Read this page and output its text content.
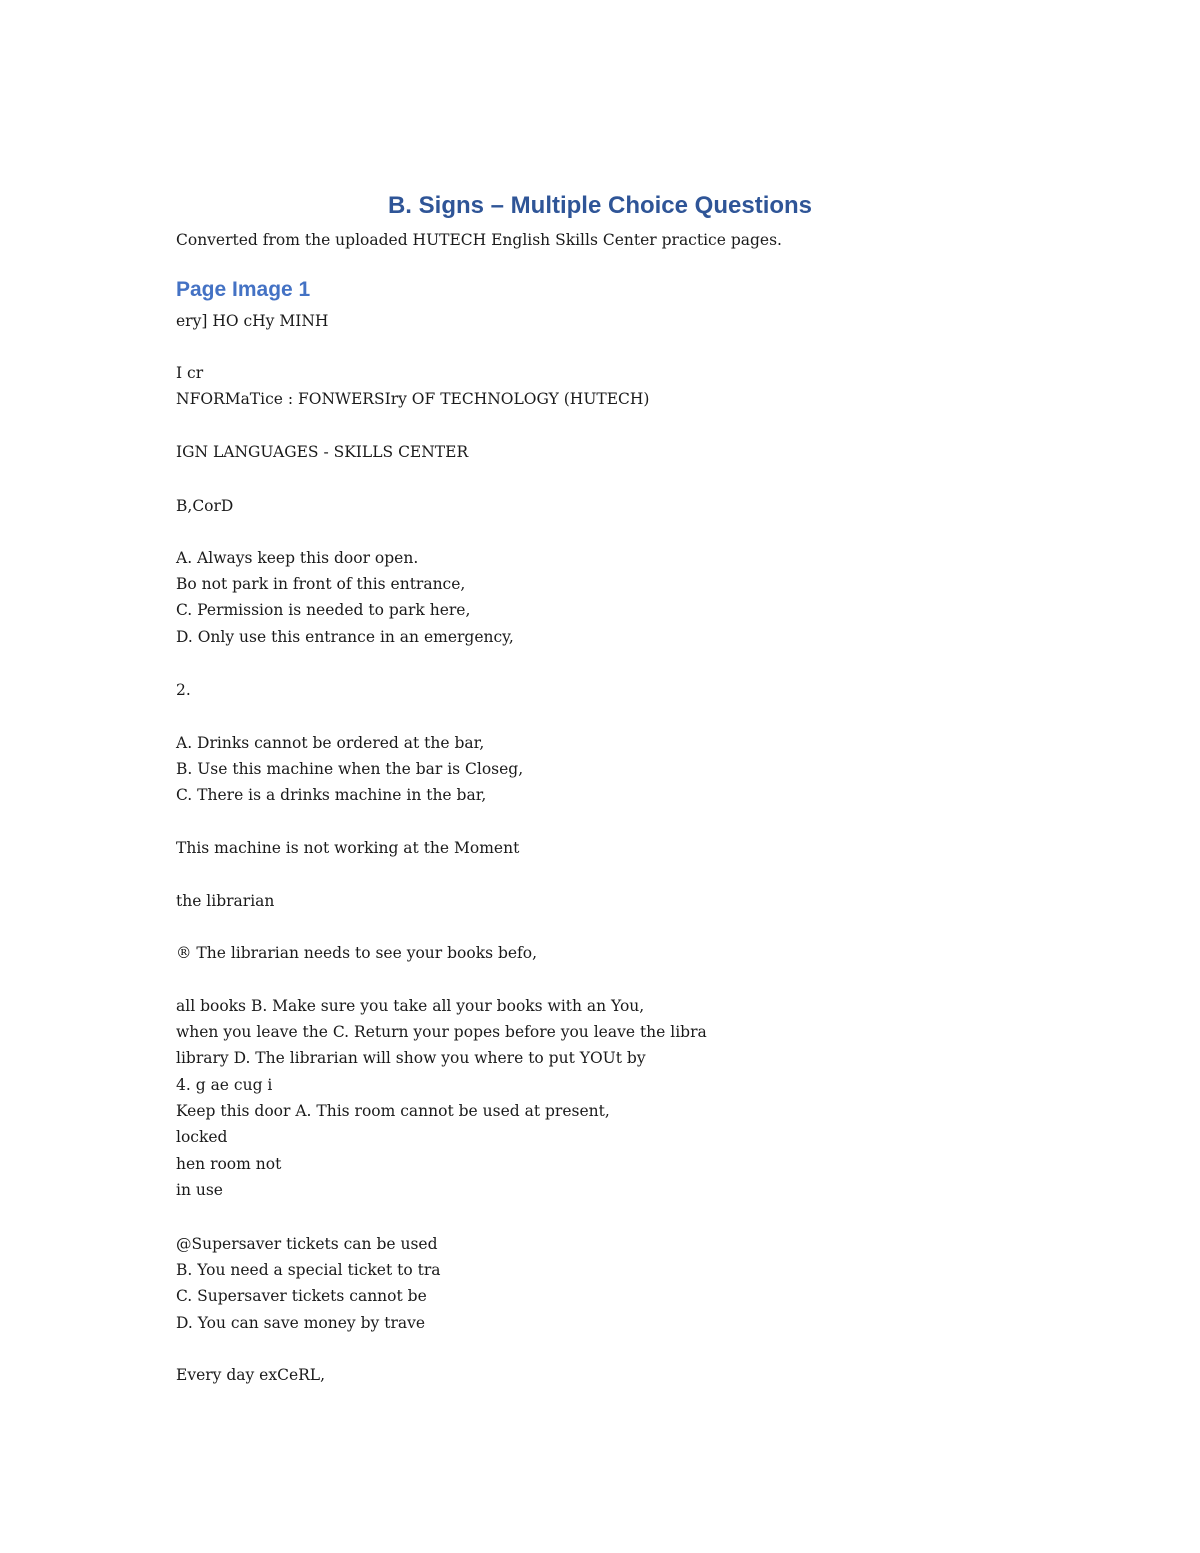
B. Signs – Multiple Choice Questions

Converted from the uploaded HUTECH English Skills Center practice pages.

Page Image 1

ery] HO cHy MINH

I cr

NFORMaTice : FONWERSIry OF TECHNOLOGY (HUTECH)

IGN LANGUAGES - SKILLS CENTER

B,CorD

A. Always keep this door open.

Bo not park in front of this entrance,

C. Permission is needed to park here,

D. Only use this entrance in an emergency,

2.

A. Drinks cannot be ordered at the bar,

B. Use this machine when the bar is Closeg,

C. There is a drinks machine in the bar,

This machine is not working at the Moment

the librarian

® The librarian needs to see your books befo,

all books B. Make sure you take all your books with an You,

when you leave the C. Return your popes before you leave the libra

library D. The librarian will show you where to put YOUt by

4. g ae cug i

Keep this door A. This room cannot be used at present,

locked

hen room not

in use

@Supersaver tickets can be used

B. You need a special ticket to tra

C. Supersaver tickets cannot be

D. You can save money by trave

Every day exCeRL,
